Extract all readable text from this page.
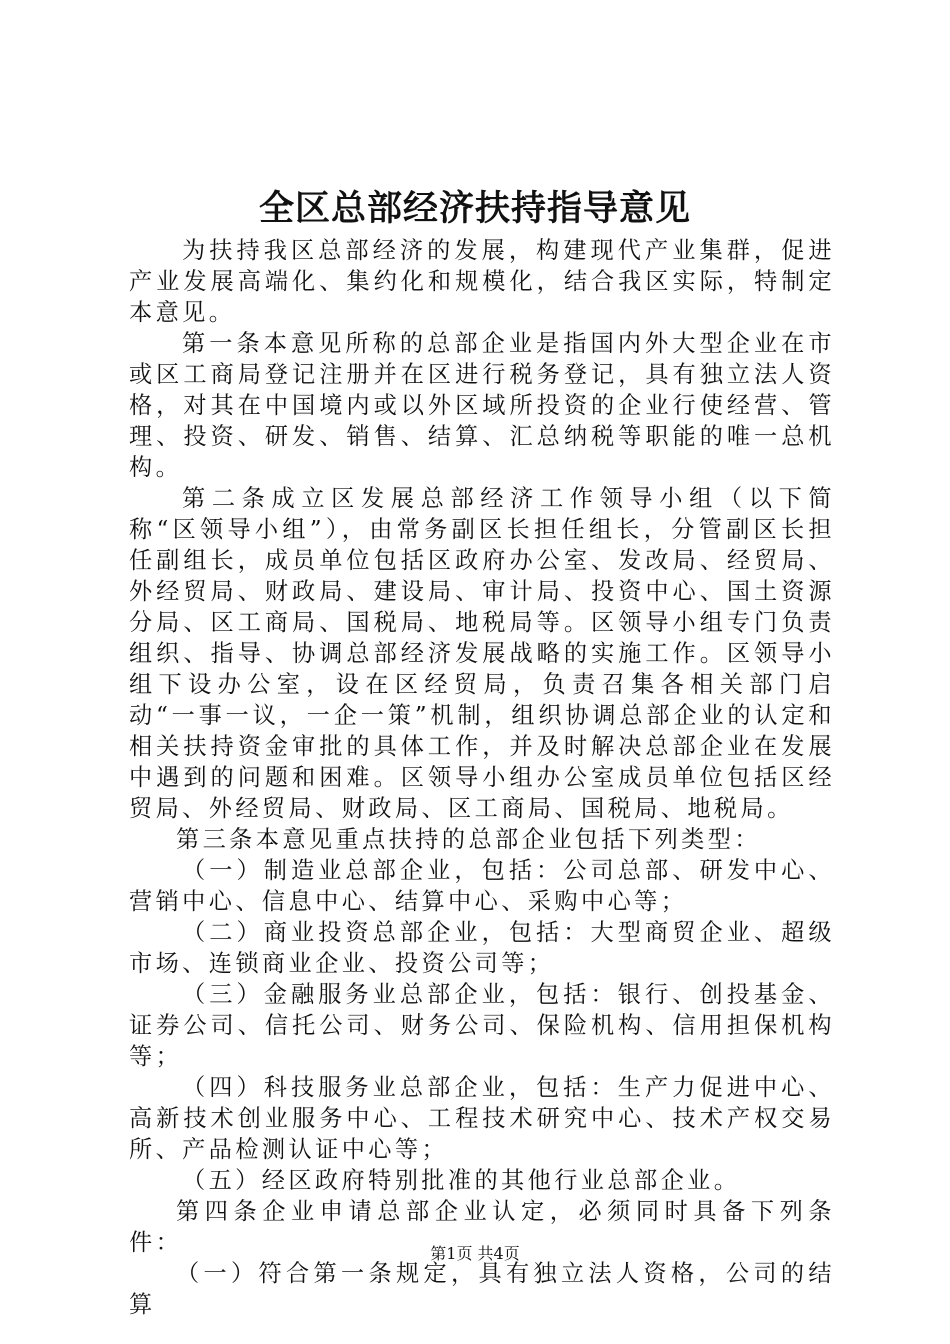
全区总部经济扶持指导意见

为扶持我区总部经济的发展，构建现代产业集群，促进产业发展高端化、集约化和规模化，结合我区实际，特制定本意见。

第一条本意见所称的总部企业是指国内外大型企业在市或区工商局登记注册并在区进行税务登记，具有独立法人资格，对其在中国境内或以外区域所投资的企业行使经营、管理、投资、研发、销售、结算、汇总纳税等职能的唯一总机构。

第二条成立区发展总部经济工作领导小组（以下简称“区领导小组”），由常务副区长担任组长，分管副区长担任副组长，成员单位包括区政府办公室、发改局、经贸局、外经贸局、财政局、建设局、审计局、投资中心、国土资源分局、区工商局、国税局、地税局等。区领导小组专门负责组织、指导、协调总部经济发展战略的实施工作。区领导小组下设办公室，设在区经贸局，负责召集各相关部门启动“一事一议，一企一策”机制，组织协调总部企业的认定和相关扶持资金审批的具体工作，并及时解决总部企业在发展中遇到的问题和困难。区领导小组办公室成员单位包括区经贸局、外经贸局、财政局、区工商局、国税局、地税局。

第三条本意见重点扶持的总部企业包括下列类型：

（一）制造业总部企业，包括：公司总部、研发中心、营销中心、信息中心、结算中心、采购中心等；

（二）商业投资总部企业，包括：大型商贸企业、超级市场、连锁商业企业、投资公司等；

（三）金融服务业总部企业，包括：银行、创投基金、证券公司、信托公司、财务公司、保险机构、信用担保机构等；

（四）科技服务业总部企业，包括：生产力促进中心、高新技术创业服务中心、工程技术研究中心、技术产权交易所、产品检测认证中心等；

（五）经区政府特别批准的其他行业总部企业。

第四条企业申请总部企业认定，必须同时具备下列条件：

（一）符合第一条规定，具有独立法人资格，公司的结算

第1页 共4页
